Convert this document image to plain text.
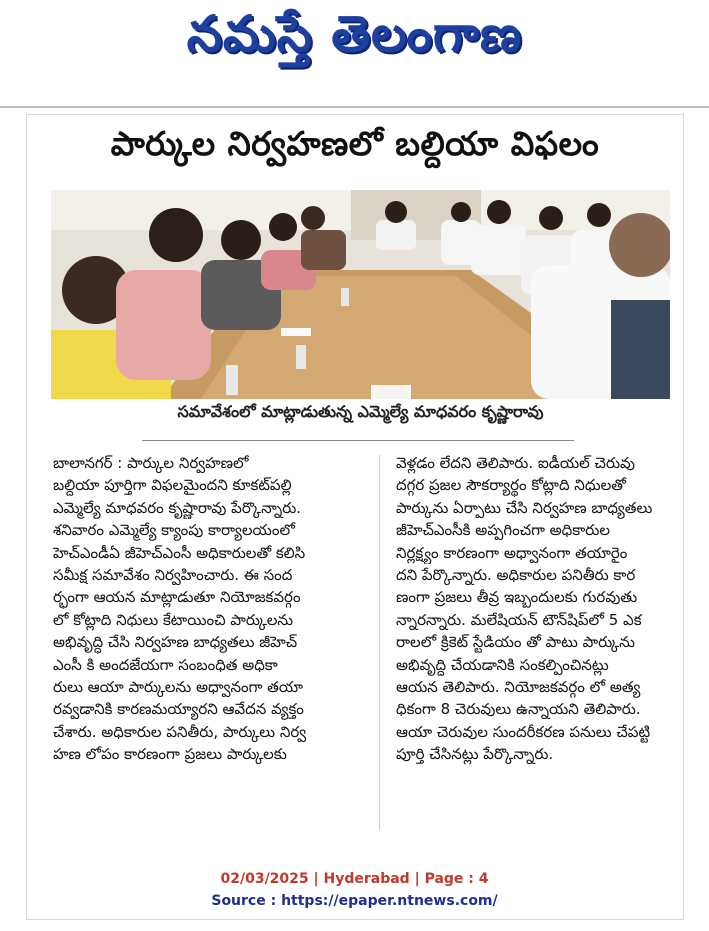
నమస్తే తెలంగాణ
పార్కుల నిర్వహణలో బల్దియా విఫలం
సమావేశంలో మాట్లాడుతున్న ఎమ్మెల్యే మాధవరం కృష్ణారావు

బాలానగర్ : పార్కుల నిర్వహణలో

బల్దియా పూర్తిగా విఫలమైందని కూకట్‌పల్లి

ఎమ్మెల్యే మాధవరం కృష్ణారావు పేర్కొన్నారు.

శనివారం ఎమ్మెల్యే క్యాంపు కార్యాలయంలో

హెచ్‌ఎండీఏ జీహెచ్‌ఎంసీ అధికారులతో కలిసి

సమీక్ష సమావేశం నిర్వహించారు. ఈ సంద

ర్భంగా ఆయన మాట్లాడుతూ నియోజకవర్గం

లో కోట్లాది నిధులు కేటాయించి పార్కులను

అభివృద్ధి చేసి నిర్వహణ బాధ్యతలు జీహెచ్

ఎంసీ కి అందజేయగా సంబంధిత అధికా

రులు ఆయా పార్కులను అధ్వానంగా తయా

రవ్వడానికి కారణమయ్యారని ఆవేదన వ్యక్తం

చేశారు. అధికారుల పనితీరు, పార్కులు నిర్వ

హణ లోపం కారణంగా ప్రజలు పార్కులకు

వెళ్లడం లేదని తెలిపారు. ఐడీయల్ చెరువు

దగ్గర ప్రజల సౌకర్యార్థం కోట్లాది నిధులతో

పార్కును ఏర్పాటు చేసి నిర్వహణ బాధ్యతలు

జీహెచ్‌ఎంసీకి అప్పగించగా అధికారుల

నిర్లక్ష్యం కారణంగా అధ్వానంగా తయారైం

దని పేర్కొన్నారు. అధికారుల పనితీరు కార

ణంగా ప్రజలు తీవ్ర ఇబ్బందులకు గురవుతు

న్నారన్నారు. మలేషియన్ టౌన్‌షిప్‌లో 5 ఎక

రాలలో క్రికెట్ స్టేడియం తో పాటు పార్కును

అభివృద్ధి చేయడానికి సంకల్పించినట్లు

ఆయన తెలిపారు. నియోజకవర్గం లో అత్య

ధికంగా 8 చెరువులు ఉన్నాయని తెలిపారు.

ఆయా చెరువుల సుందరీకరణ పనులు చేపట్టి

పూర్తి చేసినట్లు పేర్కొన్నారు.

02/03/2025 | Hyderabad | Page : 4
Source : https://epaper.ntnews.com/
